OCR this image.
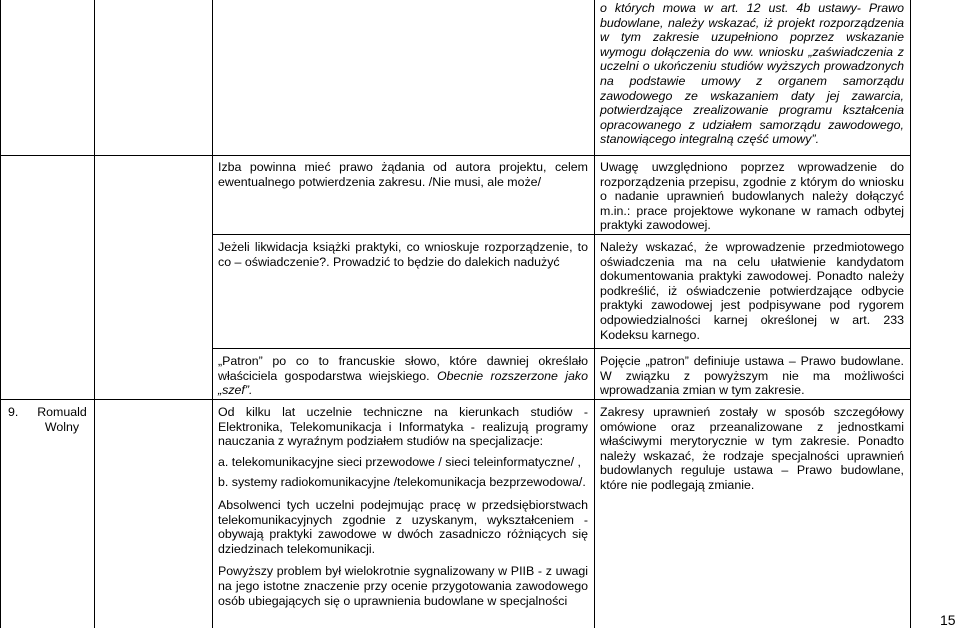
o których mowa w art. 12 ust. 4b ustawy- Prawo budowlane, należy wskazać, iż projekt rozporządzenia w tym zakresie uzupełniono poprzez wskazanie wymogu dołączenia do ww. wniosku „zaświadczenia z uczelni o ukończeniu studiów wyższych prowadzonych na podstawie umowy z organem samorządu zawodowego ze wskazaniem daty jej zawarcia, potwierdzające zrealizowanie programu kształcenia opracowanego z udziałem samorządu zawodowego, stanowiącego integralną część umowy”.

Izba powinna mieć prawo żądania od autora projektu, celem ewentualnego potwierdzenia zakresu. /Nie musi, ale może/

Uwagę uwzględniono poprzez wprowadzenie do rozporządzenia przepisu, zgodnie z którym do wniosku o nadanie uprawnień budowlanych należy dołączyć m.in.: prace projektowe wykonane w ramach odbytej praktyki zawodowej.

Jeżeli likwidacja książki praktyki, co wnioskuje rozporządzenie, to co – oświadczenie?. Prowadzić to będzie do dalekich nadużyć

Należy wskazać, że wprowadzenie przedmiotowego oświadczenia ma na celu ułatwienie kandydatom dokumentowania praktyki zawodowej. Ponadto należy podkreślić, iż oświadczenie potwierdzające odbycie praktyki zawodowej jest podpisywane pod rygorem odpowiedzialności karnej określonej w art. 233 Kodeksu karnego.

„Patron” po co to francuskie słowo, które dawniej określało właściciela gospodarstwa wiejskiego. Obecnie rozszerzone jako „szef”.

Pojęcie „patron” definiuje ustawa – Prawo budowlane. W związku z powyższym nie ma możliwości wprowadzania zmian w tym zakresie.

9.	Romuald Wolny

Od kilku lat uczelnie techniczne na kierunkach studiów - Elektronika, Telekomunikacja i Informatyka - realizują programy nauczania z wyraźnym podziałem studiów na specjalizacje:

a. telekomunikacyjne sieci przewodowe / sieci teleinformatyczne/ ,

b. systemy radiokomunikacyjne /telekomunikacja bezprzewodowa/.

Absolwenci tych uczelni podejmując pracę w przedsiębiorstwach telekomunikacyjnych zgodnie z uzyskanym, wykształceniem - obywają praktyki zawodowe w dwóch zasadniczo różniących się dziedzinach telekomunikacji.

Powyższy problem był wielokrotnie sygnalizowany w PIIB - z uwagi na jego istotne znaczenie przy ocenie przygotowania zawodowego osób ubiegających się o uprawnienia budowlane w specjalności

Zakresy uprawnień zostały w sposób szczegółowy omówione oraz przeanalizowane z jednostkami właściwymi merytorycznie w tym zakresie. Ponadto należy wskazać, że rodzaje specjalności uprawnień budowlanych reguluje ustawa – Prawo budowlane, które nie podlegają zmianie.

15
